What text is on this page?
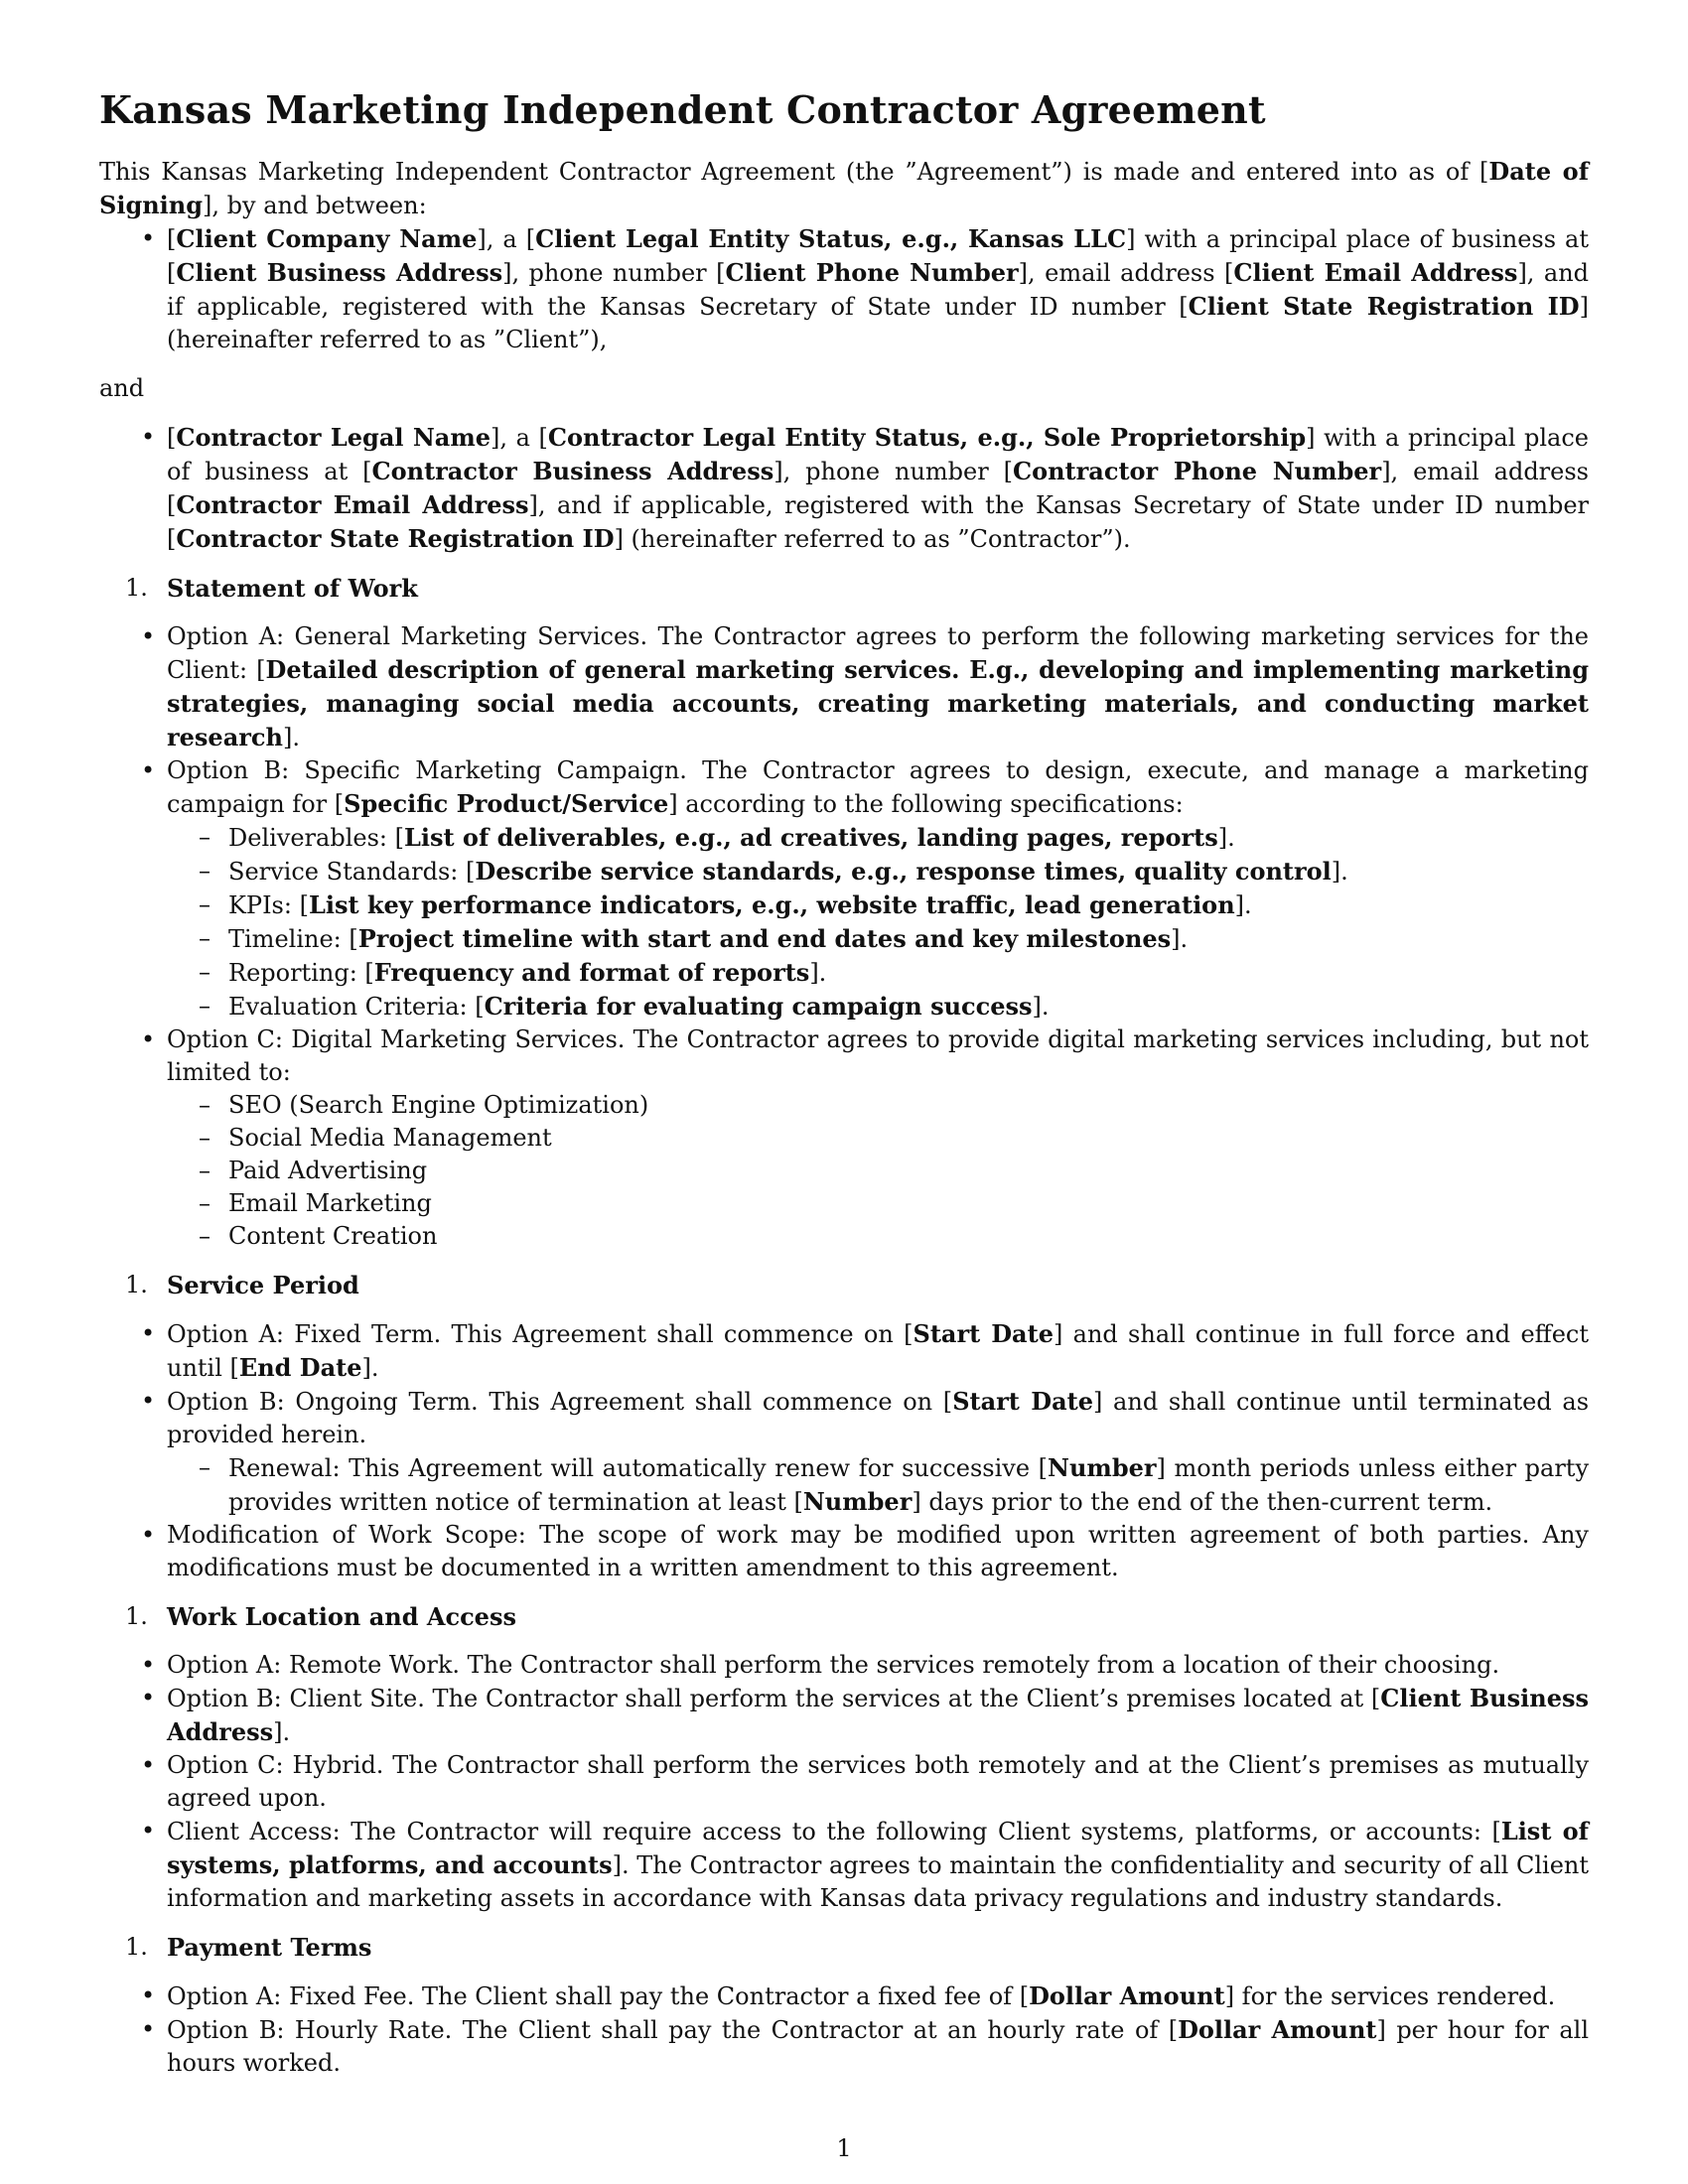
Kansas Marketing Independent Contractor Agreement

This Kansas Marketing Independent Contractor Agreement (the ”Agreement”) is made and entered into as of [Date of Signing], by and between:

• [Client Company Name], a [Client Legal Entity Status, e.g., Kansas LLC] with a principal place of business at [Client Business Address], phone number [Client Phone Number], email address [Client Email Address], and if applicable, registered with the Kansas Secretary of State under ID number [Client State Registration ID] (hereinafter referred to as ”Client”),

and

• [Contractor Legal Name], a [Contractor Legal Entity Status, e.g., Sole Proprietorship] with a principal place of business at [Contractor Business Address], phone number [Contractor Phone Number], email address [Contractor Email Address], and if applicable, registered with the Kansas Secretary of State under ID number [Contractor State Registration ID] (hereinafter referred to as ”Contractor”).

1. Statement of Work

• Option A: General Marketing Services. The Contractor agrees to perform the following marketing services for the Client: [Detailed description of general marketing services. E.g., developing and implementing marketing strategies, managing social media accounts, creating marketing materials, and conducting market research].
• Option B: Specific Marketing Campaign. The Contractor agrees to design, execute, and manage a marketing campaign for [Specific Product/Service] according to the following specifications:
– Deliverables: [List of deliverables, e.g., ad creatives, landing pages, reports].
– Service Standards: [Describe service standards, e.g., response times, quality control].
– KPIs: [List key performance indicators, e.g., website traffic, lead generation].
– Timeline: [Project timeline with start and end dates and key milestones].
– Reporting: [Frequency and format of reports].
– Evaluation Criteria: [Criteria for evaluating campaign success].
• Option C: Digital Marketing Services. The Contractor agrees to provide digital marketing services including, but not limited to:
– SEO (Search Engine Optimization)
– Social Media Management
– Paid Advertising
– Email Marketing
– Content Creation

1. Service Period

• Option A: Fixed Term. This Agreement shall commence on [Start Date] and shall continue in full force and effect until [End Date].
• Option B: Ongoing Term. This Agreement shall commence on [Start Date] and shall continue until terminated as provided herein.
– Renewal: This Agreement will automatically renew for successive [Number] month periods unless either party provides written notice of termination at least [Number] days prior to the end of the then-current term.
• Modification of Work Scope: The scope of work may be modified upon written agreement of both parties. Any modifications must be documented in a written amendment to this agreement.

1. Work Location and Access

• Option A: Remote Work. The Contractor shall perform the services remotely from a location of their choosing.
• Option B: Client Site. The Contractor shall perform the services at the Client’s premises located at [Client Business Address].
• Option C: Hybrid. The Contractor shall perform the services both remotely and at the Client’s premises as mutually agreed upon.
• Client Access: The Contractor will require access to the following Client systems, platforms, or accounts: [List of systems, platforms, and accounts]. The Contractor agrees to maintain the confidentiality and security of all Client information and marketing assets in accordance with Kansas data privacy regulations and industry standards.

1. Payment Terms

• Option A: Fixed Fee. The Client shall pay the Contractor a fixed fee of [Dollar Amount] for the services rendered.
• Option B: Hourly Rate. The Client shall pay the Contractor at an hourly rate of [Dollar Amount] per hour for all hours worked.
1
